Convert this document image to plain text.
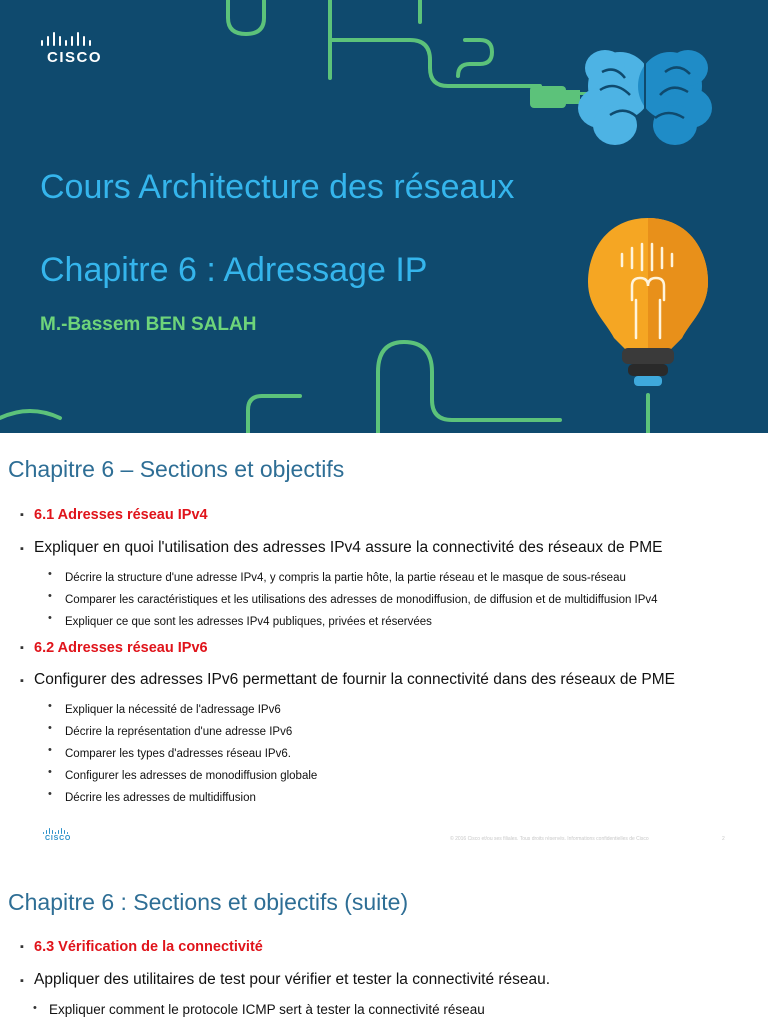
CISCO
Cours Architecture des réseaux
Chapitre 6 : Adressage IP
M.-Bassem BEN SALAH
Chapitre 6 – Sections et objectifs
▪ 6.1 Adresses réseau IPv4
▪ Expliquer en quoi l'utilisation des adresses IPv4 assure la connectivité des réseaux de PME
• Décrire la structure d'une adresse IPv4, y compris la partie hôte, la partie réseau et le masque de sous-réseau
• Comparer les caractéristiques et les utilisations des adresses de monodiffusion, de diffusion et de multidiffusion IPv4
• Expliquer ce que sont les adresses IPv4 publiques, privées et réservées
▪ 6.2 Adresses réseau IPv6
▪ Configurer des adresses IPv6 permettant de fournir la connectivité dans des réseaux de PME
• Expliquer la nécessité de l'adressage IPv6
• Décrire la représentation d'une adresse IPv6
• Comparer les types d'adresses réseau IPv6.
• Configurer les adresses de monodiffusion globale
• Décrire les adresses de multidiffusion
CISCO	© 2016 Cisco et/ou ses filiales. Tous droits réservés. Informations confidentielles de Cisco	2
Chapitre 6 : Sections et objectifs (suite)
▪ 6.3 Vérification de la connectivité
▪ Appliquer des utilitaires de test pour vérifier et tester la connectivité réseau.
• Expliquer comment le protocole ICMP sert à tester la connectivité réseau
